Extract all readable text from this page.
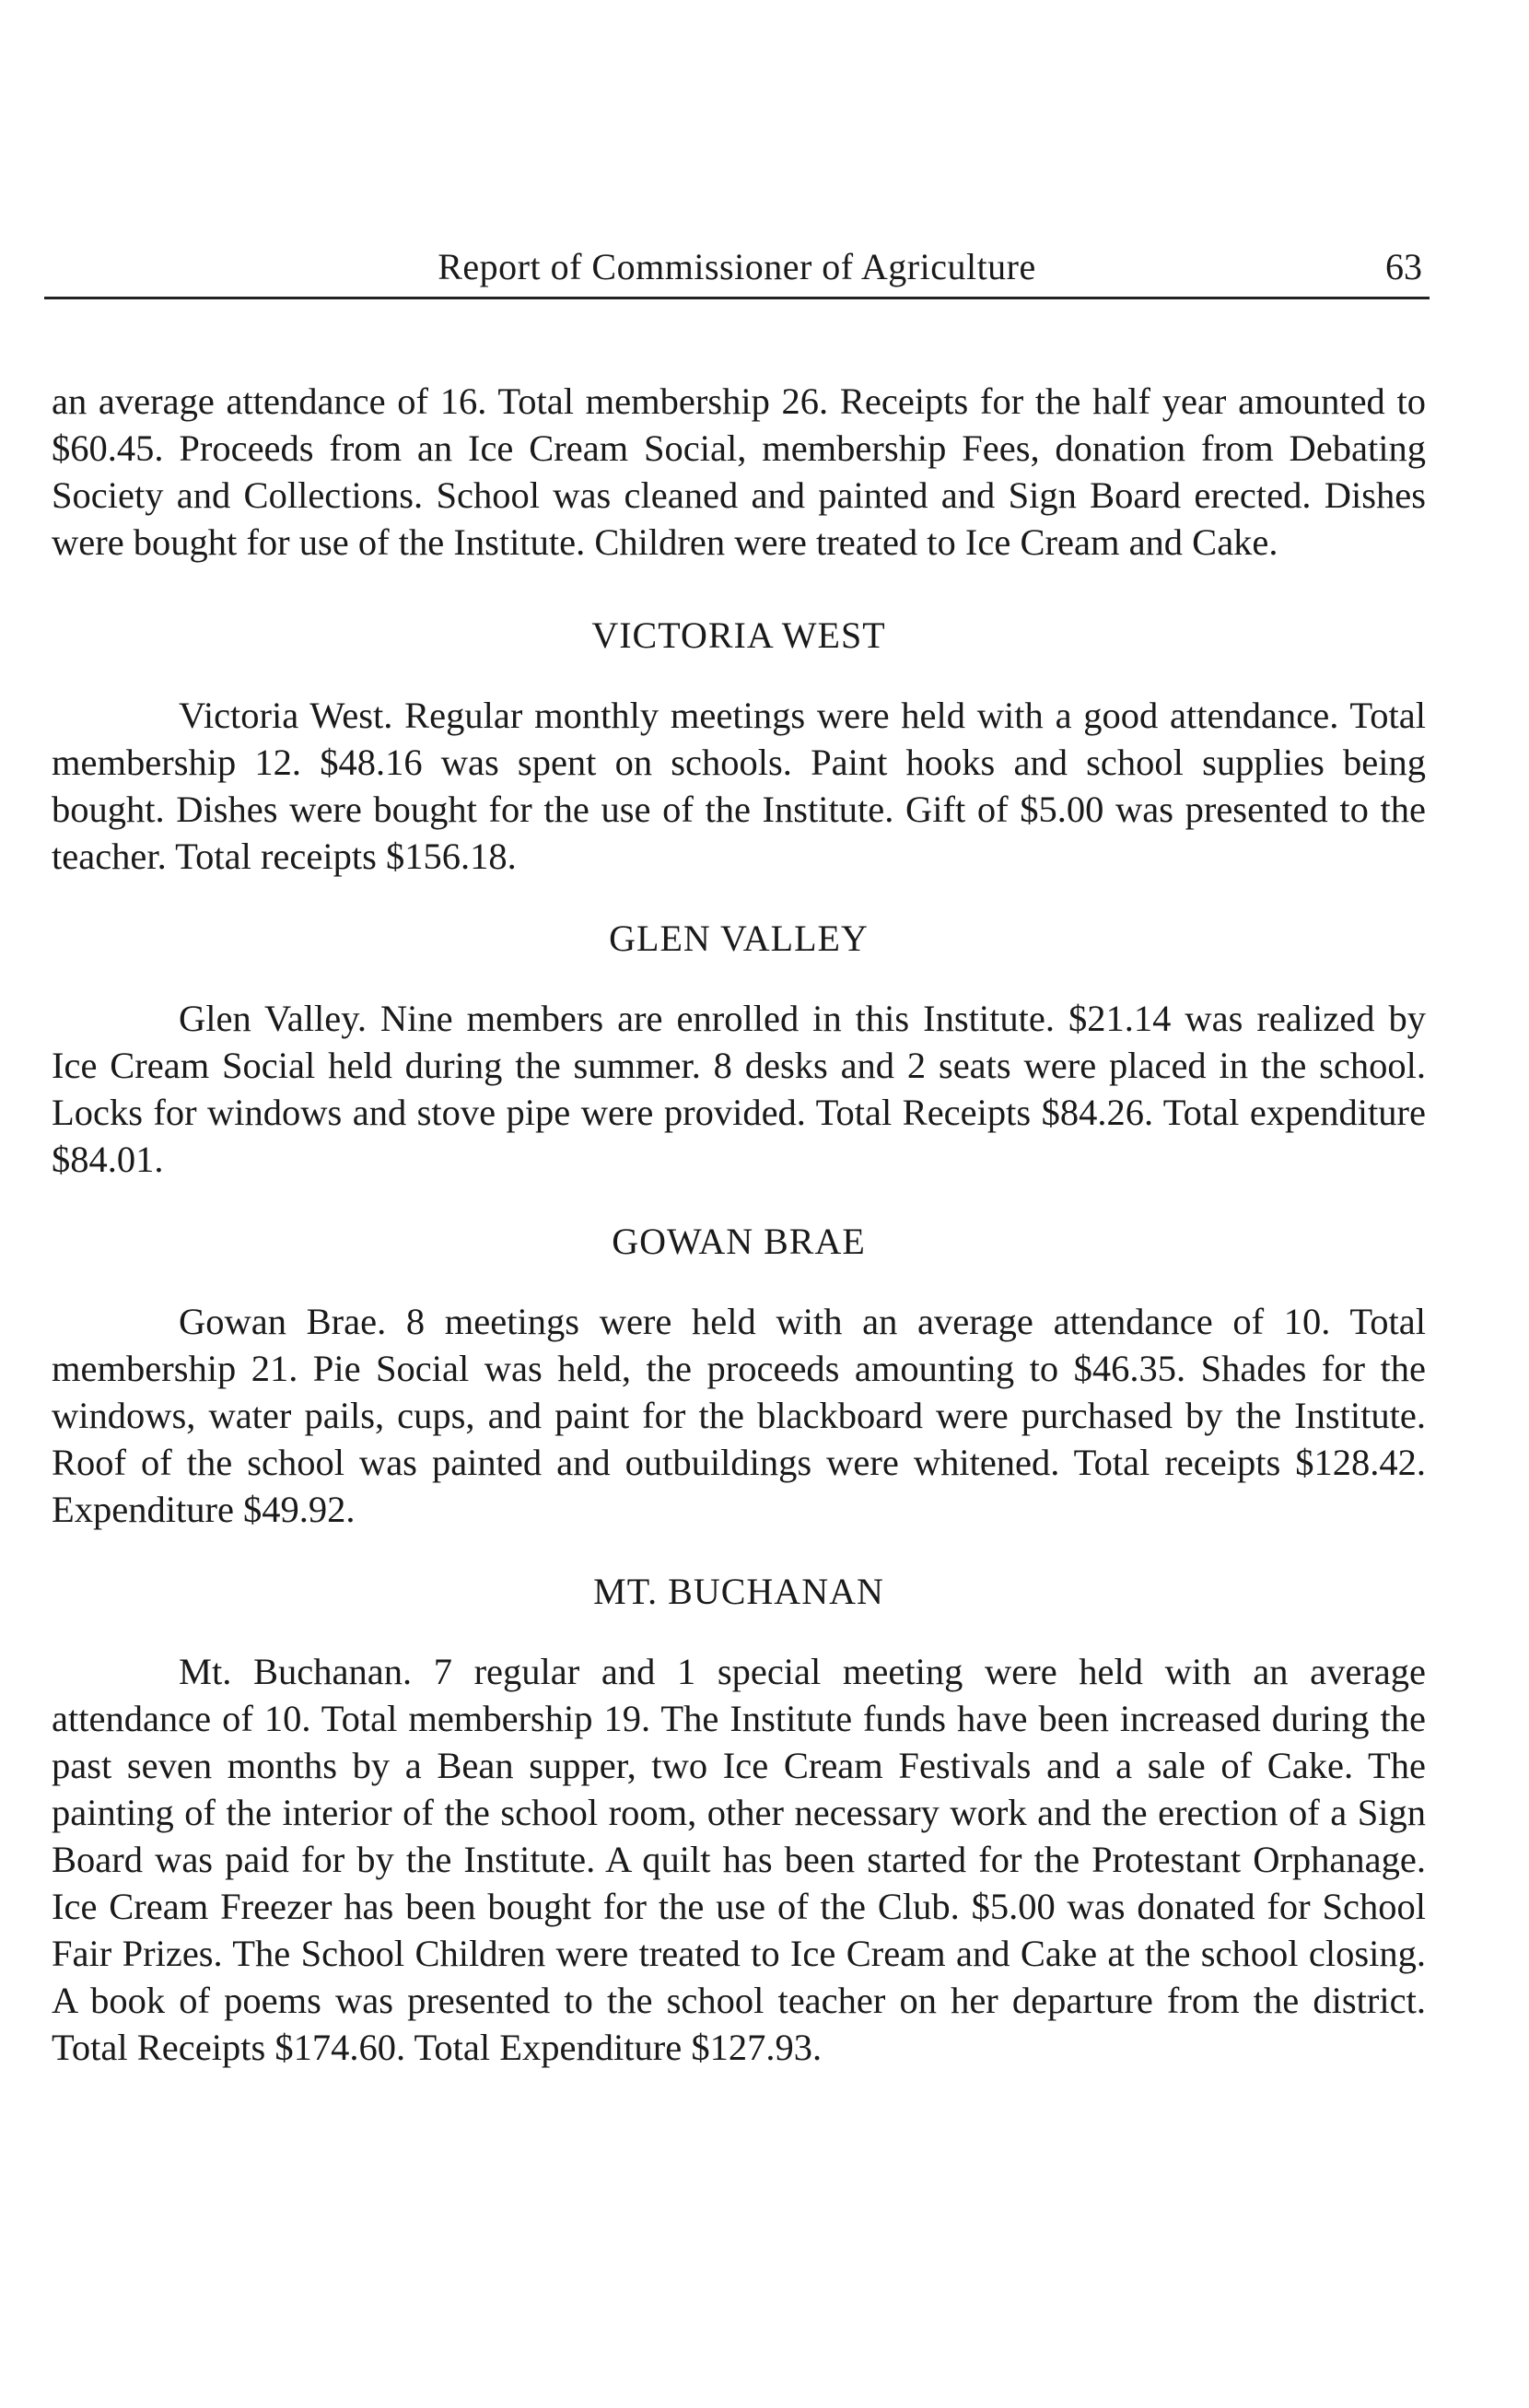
Report of Commissioner of Agriculture	63

an average attendance of 16. Total membership 26. Receipts for the half year amounted to $60.45. Proceeds from an Ice Cream Social, membership Fees, donation from Debating Society and Collections. School was cleaned and painted and Sign Board erected. Dishes were bought for use of the Institute. Children were treated to Ice Cream and Cake.

VICTORIA WEST

Victoria West. Regular monthly meetings were held with a good attendance. Total membership 12. $48.16 was spent on schools. Paint hooks and school supplies being bought. Dishes were bought for the use of the Institute. Gift of $5.00 was presented to the teacher. Total receipts $156.18.

GLEN VALLEY

Glen Valley. Nine members are enrolled in this Institute. $21.14 was realized by Ice Cream Social held during the summer. 8 desks and 2 seats were placed in the school. Locks for windows and stove pipe were provided. Total Receipts $84.26. Total expenditure $84.01.

GOWAN BRAE

Gowan Brae. 8 meetings were held with an average attendance of 10. Total membership 21. Pie Social was held, the proceeds amounting to $46.35. Shades for the windows, water pails, cups, and paint for the blackboard were purchased by the Institute. Roof of the school was painted and outbuildings were whitened. Total receipts $128.42. Expenditure $49.92.

MT. BUCHANAN

Mt. Buchanan. 7 regular and 1 special meeting were held with an average attendance of 10. Total membership 19. The Institute funds have been increased during the past seven months by a Bean supper, two Ice Cream Festivals and a sale of Cake. The painting of the interior of the school room, other necessary work and the erection of a Sign Board was paid for by the Institute. A quilt has been started for the Protestant Orphanage. Ice Cream Freezer has been bought for the use of the Club. $5.00 was donated for School Fair Prizes. The School Children were treated to Ice Cream and Cake at the school closing. A book of poems was presented to the school teacher on her departure from the district. Total Receipts $174.60. Total Expenditure $127.93.
